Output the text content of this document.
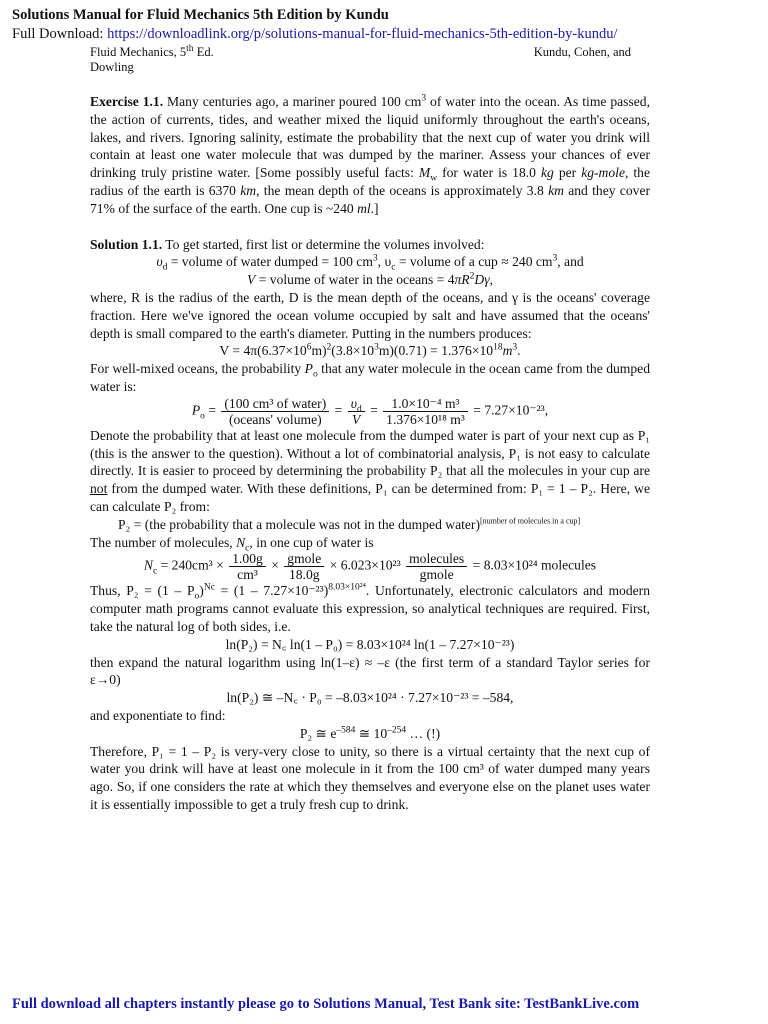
Solutions Manual for Fluid Mechanics 5th Edition by Kundu
Full Download: https://downloadlink.org/p/solutions-manual-for-fluid-mechanics-5th-edition-by-kundu/
Fluid Mechanics, 5th Ed.
Dowling
Kundu, Cohen, and

Exercise 1.1. Many centuries ago, a mariner poured 100 $cm^3$ of water into the ocean. As time passed, the action of currents, tides, and weather mixed the liquid uniformly throughout the earth's oceans, lakes, and rivers. Ignoring salinity, estimate the probability that the next cup of water you drink will contain at least one water molecule that was dumped by the mariner. Assess your chances of ever drinking truly pristine water. [Some possibly useful facts: $M_w$ for water is 18.0 kg per kg-mole, the radius of the earth is 6370 km, the mean depth of the oceans is approximately 3.8 km and they cover 71% of the surface of the earth. One cup is ~240 ml.]

Solution 1.1. To get started, first list or determine the volumes involved:

$\upsilon_d$ = volume of water dumped = 100 $cm^3$, $\upsilon_c$ = volume of a cup ≈ 240 $cm^3$, and

V = volume of water in the oceans = $4\pi R^2D\gamma$,

where, R is the radius of the earth, D is the mean depth of the oceans, and γ is the oceans' coverage fraction. Here we've ignored the ocean volume occupied by salt and have assumed that the oceans' depth is small compared to the earth's diameter. Putting in the numbers produces:

$V = 4\pi(6.37\times 10^6m)^2(3.8\times 10^3m)(0.71) = 1.376\times 10^{18}m^3$.

For well-mixed oceans, the probability $P_o$ that any water molecule in the ocean came from the dumped water is:

$P_o = \frac{\text{(100 cm³ of water)}}{\text{(oceans' volume)}} = \frac{\upsilon_d}{V} = \frac{\text{1.0×10⁻⁴ m³}}{\text{1.376×10¹⁸ m³}} = 7.27\times 10^{-23}$,

Denote the probability that at least one molecule from the dumped water is part of your next cup as P₁ (this is the answer to the question). Without a lot of combinatorial analysis, P₁ is not easy to calculate directly. It is easier to proceed by determining the probability P₂ that all the molecules in your cup are not from the dumped water. With these definitions, P₁ can be determined from: P₁ = 1 – P₂. Here, we can calculate P₂ from:

P₂ = (the probability that a molecule was not in the dumped water)[number of molecules in a cup]

The number of molecules, $N_c$, in one cup of water is

$N_c = 240cm^3 \times \frac{1.00g}{\text{cm³}} \times \frac{\text{gmole}}{18.0g} \times 6.023\times 10^{23} \frac{\text{molecules}}{\text{gmole}} = 8.03\times 10^{24}$ molecules

Thus, $P_2 = (1 - P_o)^{Nc} = (1 - 7.27\times 10^{-23})^{8.03\times 10^{24}}$. Unfortunately, electronic calculators and modern computer math programs cannot evaluate this expression, so analytical techniques are required. First, take the natural log of both sides, i.e.

ln(P₂) = N꜀ ln(1 – P₀) = 8.03×10²⁴ ln(1 – 7.27×10⁻²³)

then expand the natural logarithm using ln(1–ε) ≈ –ε (the first term of a standard Taylor series for ε→0)

ln(P₂) ≅ –N꜀ · P₀ = –8.03×10²⁴ · 7.27×10⁻²³ = –584,

and exponentiate to find:

P₂ ≅ $e^{-584}$ ≅ $10^{-254}$ … (!)

Therefore, P₁ = 1 – P₂ is very-very close to unity, so there is a virtual certainty that the next cup of water you drink will have at least one molecule in it from the 100 cm³ of water dumped many years ago. So, if one considers the rate at which they themselves and everyone else on the planet uses water it is essentially impossible to get a truly fresh cup to drink.

Full download all chapters instantly please go to Solutions Manual, Test Bank site: TestBankLive.com
